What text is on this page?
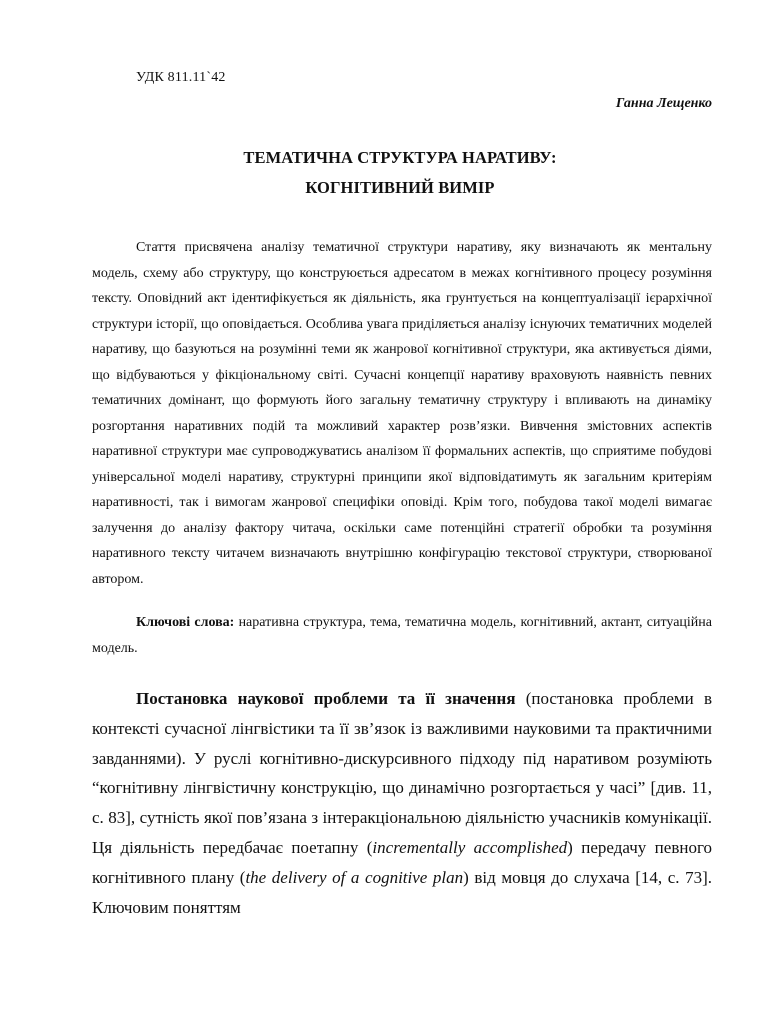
УДК 811.11`42
Ганна Лещенко
ТЕМАТИЧНА СТРУКТУРА НАРАТИВУ:
КОГНІТИВНИЙ ВИМІР

Стаття присвячена аналізу тематичної структури наративу, яку визначають як ментальну модель, схему або структуру, що конструюється адресатом в межах когнітивного процесу розуміння тексту. Оповідний акт ідентифікується як діяльність, яка грунтується на концептуалізації ієрархічної структури історії, що оповідається. Особлива увага приділяється аналізу існуючих тематичних моделей наративу, що базуються на розумінні теми як жанрової когнітивної структури, яка активується діями, що відбуваються у фікціональному світі. Сучасні концепції наративу враховують наявність певних тематичних домінант, що формують його загальну тематичну структуру і впливають на динаміку розгортання наративних подій та можливий характер розв’язки. Вивчення змістовних аспектів наративної структури має супроводжуватись аналізом її формальних аспектів, що сприятиме побудові універсальної моделі наративу, структурні принципи якої відповідатимуть як загальним критеріям наративності, так і вимогам жанрової специфіки оповіді. Крім того, побудова такої моделі вимагає залучення до аналізу фактору читача, оскільки саме потенційні стратегії обробки та розуміння наративного тексту читачем визначають внутрішню конфігурацію текстової структури, створюваної автором.

Ключові слова: наративна структура, тема, тематична модель, когнітивний, актант, ситуаційна модель.

Постановка наукової проблеми та її значення (постановка проблеми в контексті сучасної лінгвістики та її зв’язок із важливими науковими та практичними завданнями). У руслі когнітивно-дискурсивного підходу під наративом розуміють “когнітивну лінгвістичну конструкцію, що динамічно розгортається у часі” [див. 11, с. 83], сутність якої пов’язана з інтеракціональною діяльністю учасників комунікації. Ця діяльність передбачає поетапну (incrementally accomplished) передачу певного когнітивного плану (the delivery of a cognitive plan) від мовця до слухача [14, с. 73]. Ключовим поняттям
